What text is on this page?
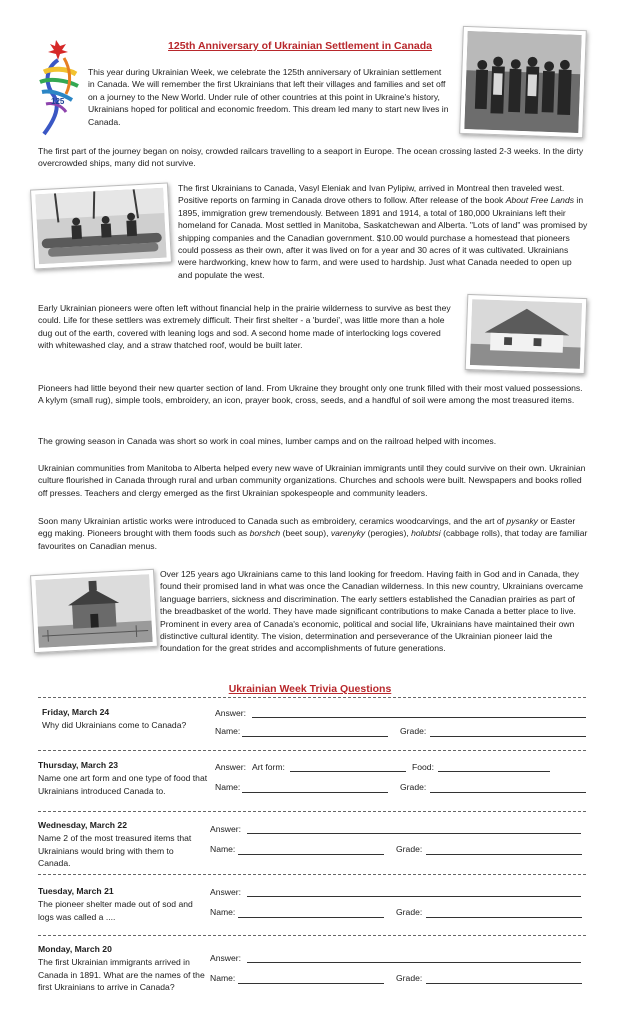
125
125th Anniversary of Ukrainian Settlement in Canada

This year during Ukrainian Week, we celebrate the 125th anniversary of Ukrainian settlement in Canada. We will remember the first Ukrainians that left their villages and families and set off on a journey to the New World. Under rule of other countries at this point in Ukraine's history, Ukrainians hoped for political and economic freedom. This dream led many to start new lives in Canada.

The first part of the journey began on noisy, crowded railcars travelling to a seaport in Europe. The ocean crossing lasted 2-3 weeks. In the dirty overcrowded ships, many did not survive.

The first Ukrainians to Canada, Vasyl Eleniak and Ivan Pylipiw, arrived in Montreal then traveled west. Positive reports on farming in Canada drove others to follow. After release of the book About Free Lands in 1895, immigration grew tremendously. Between 1891 and 1914, a total of 180,000 Ukrainians left their homeland for Canada. Most settled in Manitoba, Saskatchewan and Alberta. "Lots of land" was promised by shipping companies and the Canadian government. $10.00 would purchase a homestead that pioneers could possess as their own, after it was lived on for a year and 30 acres of it was cultivated. Ukrainians were hardworking, knew how to farm, and were used to hardship. Just what Canada needed to open up and populate the west.

Early Ukrainian pioneers were often left without financial help in the prairie wilderness to survive as best they could. Life for these settlers was extremely difficult. Their first shelter - a 'burdei', was little more than a hole dug out of the earth, covered with leaning logs and sod. A second home made of interlocking logs covered with whitewashed clay, and a straw thatched roof, would be built later.

Pioneers had little beyond their new quarter section of land. From Ukraine they brought only one trunk filled with their most valued possessions. A kylym (small rug), simple tools, embroidery, an icon, prayer book, cross, seeds, and a handful of soil were among the most treasured items.

The growing season in Canada was short so work in coal mines, lumber camps and on the railroad helped with incomes.

Ukrainian communities from Manitoba to Alberta helped every new wave of Ukrainian immigrants until they could survive on their own. Ukrainian culture flourished in Canada through rural and urban community organizations. Churches and schools were built. Newspapers and books rolled off presses. Teachers and clergy emerged as the first Ukrainian spokespeople and community leaders.

Soon many Ukrainian artistic works were introduced to Canada such as embroidery, ceramics woodcarvings, and the art of pysanky or Easter egg making. Pioneers brought with them foods such as borshch (beet soup), varenyky (perogies), holubtsi (cabbage rolls), that today are familiar favourites on Canadian menus.

Over 125 years ago Ukrainians came to this land looking for freedom. Having faith in God and in Canada, they found their promised land in what was once the Canadian wilderness. In this new country, Ukrainians overcame language barriers, sickness and discrimination. The early settlers established the Canadian prairies as part of the breadbasket of the world. They have made significant contributions to make Canada a better place to live. Prominent in every area of Canada's economic, political and social life, Ukrainians have maintained their own distinctive cultural identity. The vision, determination and perseverance of the Ukrainian pioneer laid the foundation for the great strides and accomplishments of future generations.

Ukrainian Week Trivia Questions
Friday, March 24
Why did Ukrainians come to Canada?
Answer:
Name:	Grade:
Thursday, March 23
Name one art form and one type of food that Ukrainians introduced Canada to.
Answer: Art form:	Food:
Name:	Grade:
Wednesday, March 22
Name 2 of the most treasured items that Ukrainians would bring with them to Canada.
Answer:
Name:	Grade:
Tuesday, March 21
The pioneer shelter made out of sod and logs was called a ....
Answer:
Name:	Grade:
Monday, March 20
The first Ukrainian immigrants arrived in Canada in 1891. What are the names of the first Ukrainians to arrive in Canada?
Answer:
Name:	Grade:
